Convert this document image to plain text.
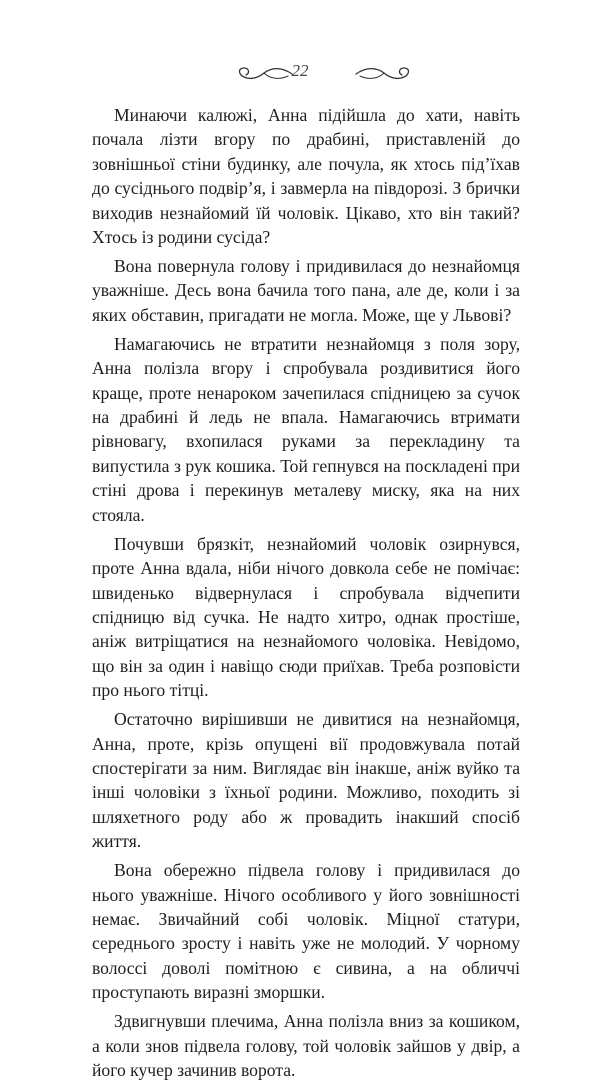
22

Минаючи калюжі, Анна підійшла до хати, навіть почала лізти вгору по драбині, приставленій до зовнішньої стіни будинку, але почула, як хтось під’їхав до сусіднього подвір’я, і завмерла на півдорозі. З брички виходив незнайомий їй чоловік. Цікаво, хто він такий? Хтось із родини сусіда?

Вона повернула голову і придивилася до незнайомця уважніше. Десь вона бачила того пана, але де, коли і за яких обставин, пригадати не могла. Може, ще у Львові?

Намагаючись не втратити незнайомця з поля зору, Анна полізла вгору і спробувала роздивитися його краще, проте ненароком зачепилася спідницею за сучок на драбині й ледь не впала. Намагаючись втримати рівновагу, вхопилася руками за перекладину та випустила з рук кошика. Той гепнувся на поскладені при стіні дрова і перекинув металеву миску, яка на них стояла.

Почувши брязкіт, незнайомий чоловік озирнувся, проте Анна вдала, ніби нічого довкола себе не помічає: швиденько відвернулася і спробувала відчепити спідницю від сучка. Не надто хитро, однак простіше, аніж витріщатися на незнайомого чоловіка. Невідомо, що він за один і навіщо сюди приїхав. Треба розповісти про нього тітці.

Остаточно вирішивши не дивитися на незнайомця, Анна, проте, крізь опущені вії продовжувала потай спостерігати за ним. Виглядає він інакше, аніж вуйко та інші чоловіки з їхньої родини. Можливо, походить зі шляхетного роду або ж провадить інакший спосіб життя.

Вона обережно підвела голову і придивилася до нього уважніше. Нічого особливого у його зовнішності немає. Звичайний собі чоловік. Міцної статури, середнього зросту і навіть уже не молодий. У чорному волоссі доволі помітною є сивина, а на обличчі проступають виразні зморшки.

Здвигнувши плечима, Анна полізла вниз за кошиком, а коли знов підвела голову, той чоловік зайшов у двір, а його кучер зачинив ворота.
